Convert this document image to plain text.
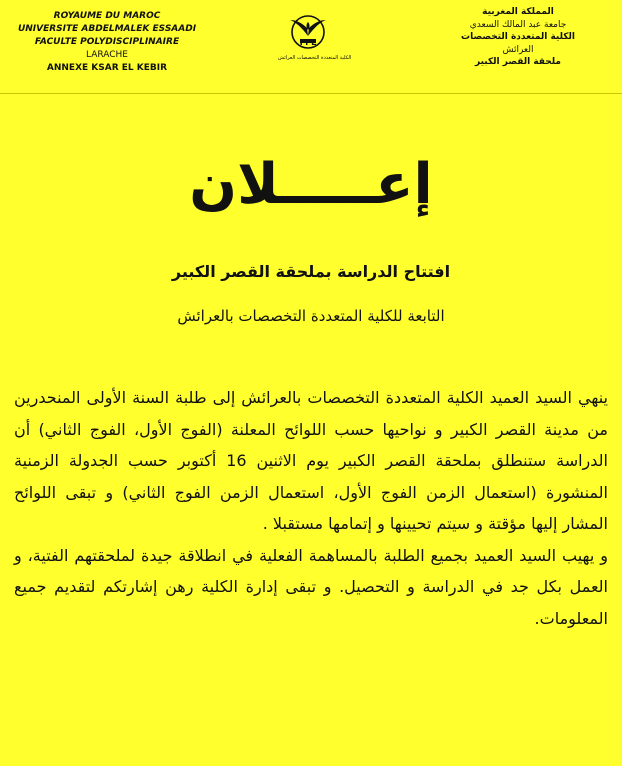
ROYAUME DU MAROC
UNIVERSITE ABDELMALEK ESSAADI
FACULTE POLYDISCIPLINAIRE
LARACHE
ANNEXE KSAR EL KEBIR
FPL
الكلية المتعددة التخصصات العرائش
المملكة المغربية
جامعة عبد المالك السعدي
الكلية المتعددة التخصصات
العرائش
ملحقة القصر الكبير
إعـــــلان
افتتاح الدراسة بملحقة القصر الكبير
التابعة للكلية المتعددة التخصصات بالعرائش

ينهي السيد العميد الكلية المتعددة التخصصات بالعرائش إلى طلبة السنة الأولى المنحدرين من مدينة القصر الكبير و نواحيها حسب اللوائح المعلنة (الفوج الأول، الفوج الثاني) أن الدراسة ستنطلق بملحقة القصر الكبير يوم الاثنين 16 أكتوبر حسب الجدولة الزمنية المنشورة (استعمال الزمن الفوج الأول، استعمال الزمن الفوج الثاني) و تبقى اللوائح المشار إليها مؤقتة و سيتم تحيينها و إتمامها مستقبلا .

و يهيب السيد العميد بجميع الطلبة بالمساهمة الفعلية في انطلاقة جيدة لملحقتهم الفتية، و العمل بكل جد في الدراسة و التحصيل. و تبقى إدارة الكلية رهن إشارتكم لتقديم جميع المعلومات.
